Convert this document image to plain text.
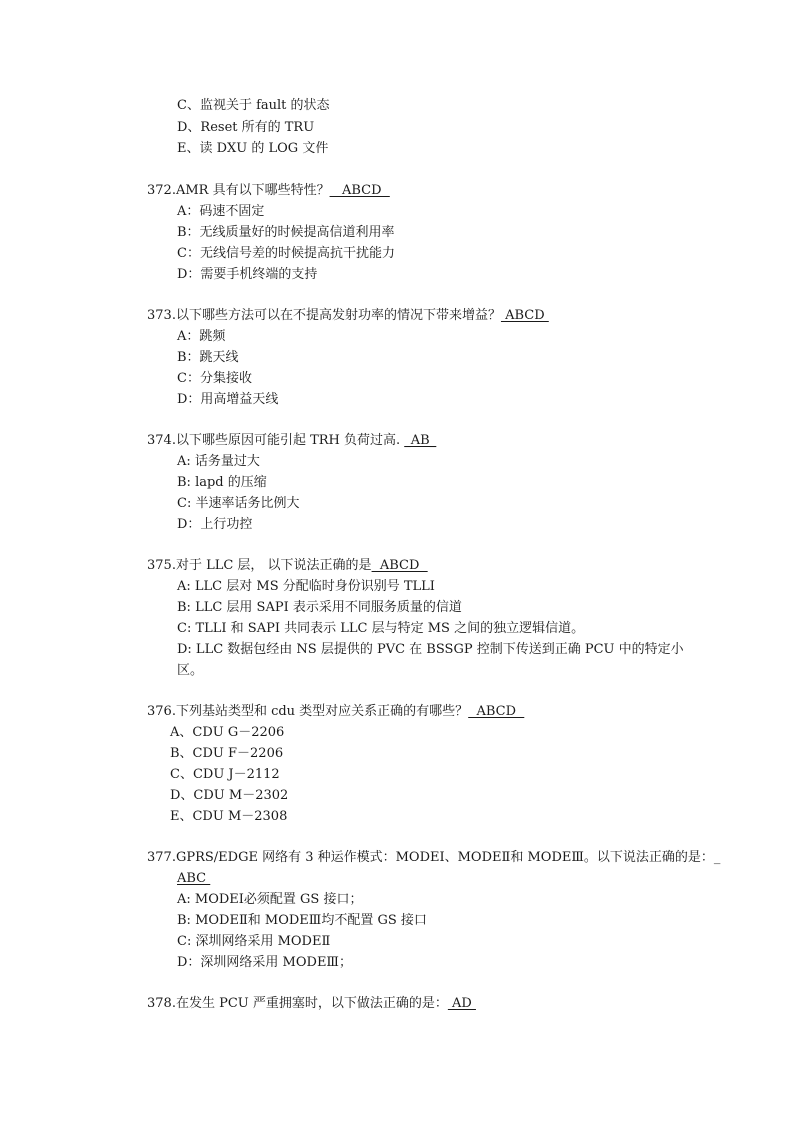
C、监视关于 fault 的状态
D、Reset 所有的 TRU
E、读 DXU 的 LOG 文件
372.AMR 具有以下哪些特性？   ABCD
A：码速不固定
B：无线质量好的时候提高信道利用率
C：无线信号差的时候提高抗干扰能力
D：需要手机终端的支持
373.以下哪些方法可以在不提高发射功率的情况下带来增益？ ABCD
A：跳频
B：跳天线
C：分集接收
D：用高增益天线
374.以下哪些原因可能引起 TRH 负荷过高. _AB_
A: 话务量过大
B: lapd 的压缩
C: 半速率话务比例大
D：上行功控
375.对于 LLC 层， 以下说法正确的是  ABCD
A: LLC 层对 MS 分配临时身份识别号 TLLI
B: LLC 层用 SAPI 表示采用不同服务质量的信道
C: TLLI 和 SAPI 共同表示 LLC 层与特定 MS 之间的独立逻辑信道。
D: LLC 数据包经由 NS 层提供的 PVC 在 BSSGP 控制下传送到正确 PCU 中的特定小
区。
376.下列基站类型和 cdu 类型对应关系正确的有哪些？  ABCD
A、CDU G－2206
B、CDU F－2206
C、CDU J－2112
D、CDU M－2302
E、CDU M－2308
377.GPRS/EDGE 网络有 3 种运作模式：MODEⅠ、MODEⅡ和 MODEⅢ。以下说法正确的是：_
ABC
A: MODEⅠ必须配置 GS 接口；
B: MODEⅡ和 MODEⅢ均不配置 GS 接口
C: 深圳网络采用 MODEⅡ
D：深圳网络采用 MODEⅢ；
378.在发生 PCU 严重拥塞时，以下做法正确的是： AD
